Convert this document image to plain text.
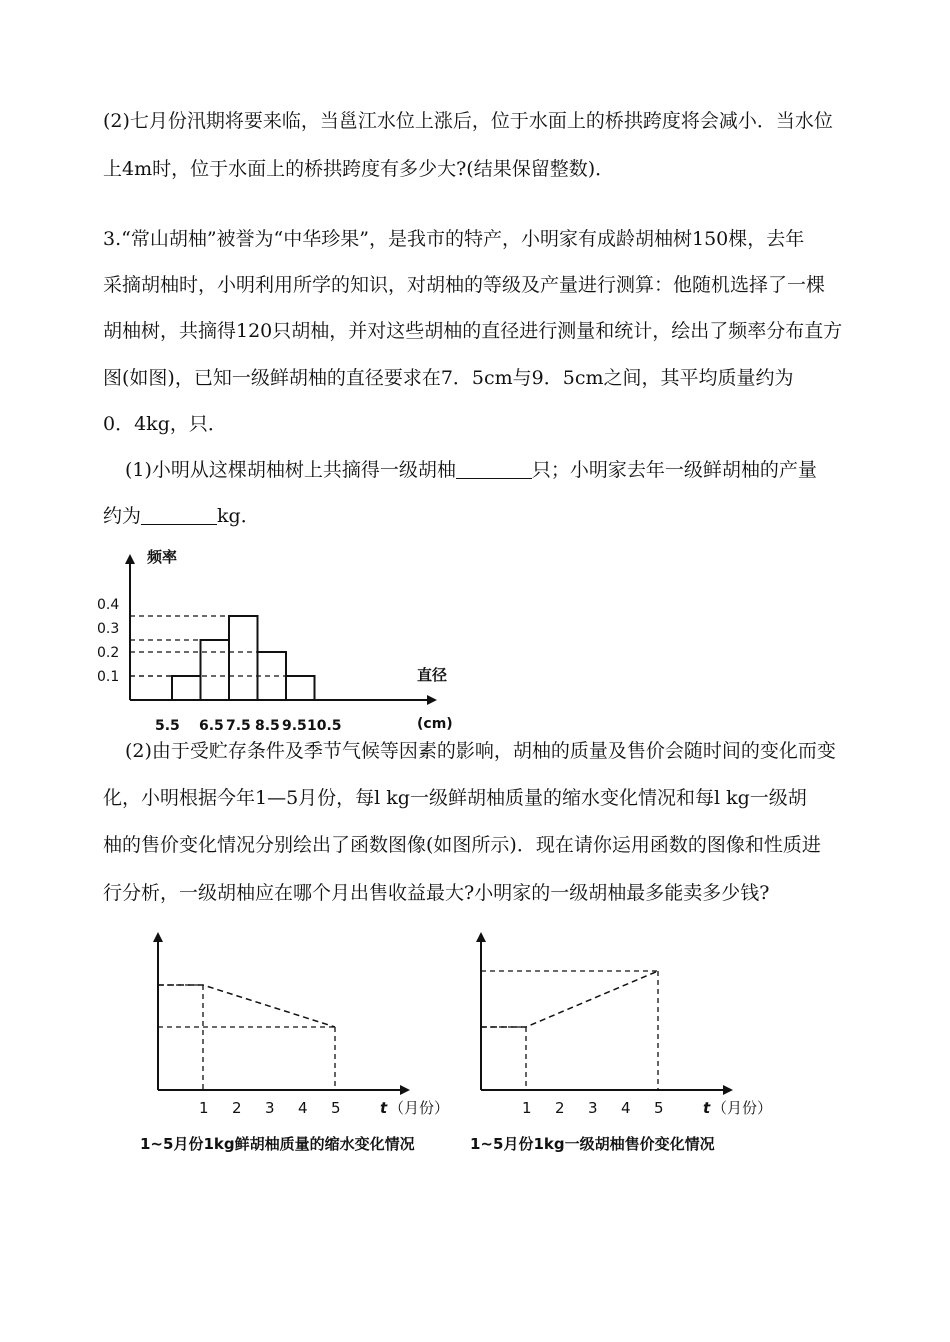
(2)七月份汛期将要来临，当邕江水位上涨后，位于水面上的桥拱跨度将会减小．当水位
上4m时，位于水面上的桥拱跨度有多少大?(结果保留整数)．
3.“常山胡柚”被誉为“中华珍果”，是我市的特产，小明家有成龄胡柚树150棵，去年
采摘胡柚时，小明利用所学的知识，对胡柚的等级及产量进行测算：他随机选择了一棵
胡柚树，共摘得120只胡柚，并对这些胡柚的直径进行测量和统计，绘出了频率分布直方
图(如图)，已知一级鲜胡柚的直径要求在7．5cm与9．5cm之间，其平均质量约为
0．4kg，只．
(1)小明从这棵胡柚树上共摘得一级胡柚	只；小明家去年一级鲜胡柚的产量
约为	kg．
频率
直径
(cm)
0.4
0.3
0.2
0.1
5.5 6.5 7.5 8.5 9.5 10.5
(2)由于受贮存条件及季节气候等因素的影响，胡柚的质量及售价会随时间的变化而变
化，小明根据今年1—5月份，每l kg一级鲜胡柚质量的缩水变化情况和每l kg一级胡
柚的售价变化情况分别绘出了函数图像(如图所示)．现在请你运用函数的图像和性质进
行分析，一级胡柚应在哪个月出售收益最大?小明家的一级胡柚最多能卖多少钱?
1 2 3 4 5	t （月份）
1~5月份1kg鲜胡柚质量的缩水变化情况
1 2 3 4 5	t （月份）
1~5月份1kg一级胡柚售价变化情况
